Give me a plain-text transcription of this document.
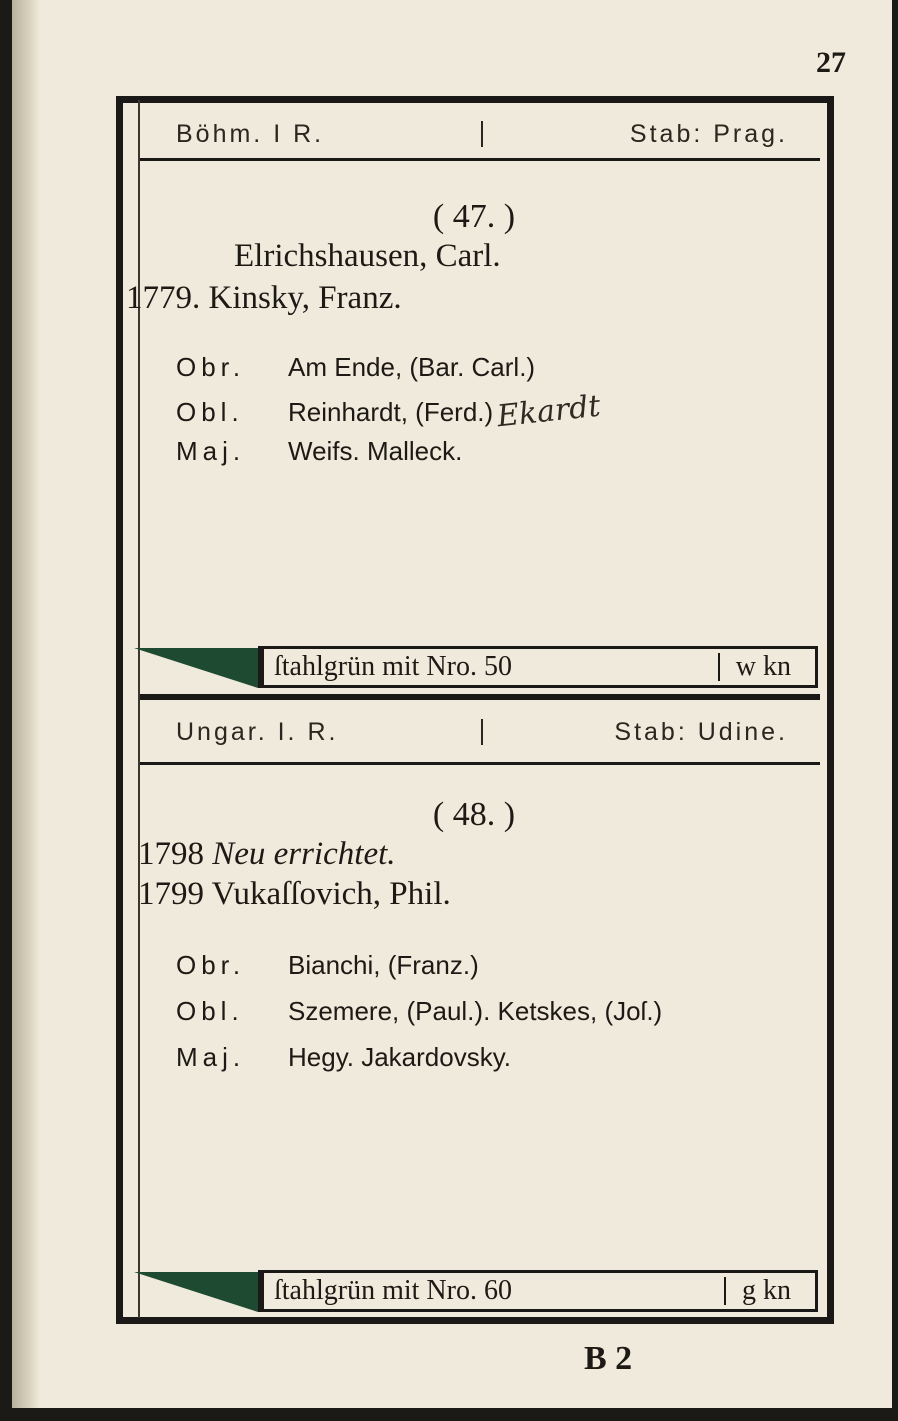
27
Böhm. I R.	Stab: Prag.
( 47. )
Elrichshausen, Carl.
1779. Kinsky, Franz.
Obr. Am Ende, (Bar. Carl.)
Obl. Reinhardt, (Ferd.)Ekardt
Maj. Weifs. Malleck.
ſtahlgrün mit Nro. 50	w kn
Ungar. I. R.	Stab: Udine.
( 48. )
1798 Neu errichtet.
1799 Vukaſſovich, Phil.
Obr. Bianchi, (Franz.)
Obl. Szemere, (Paul.). Ketskes, (Joſ.)
Maj. Hegy. Jakardovsky.
ſtahlgrün mit Nro. 60	g kn
B 2
